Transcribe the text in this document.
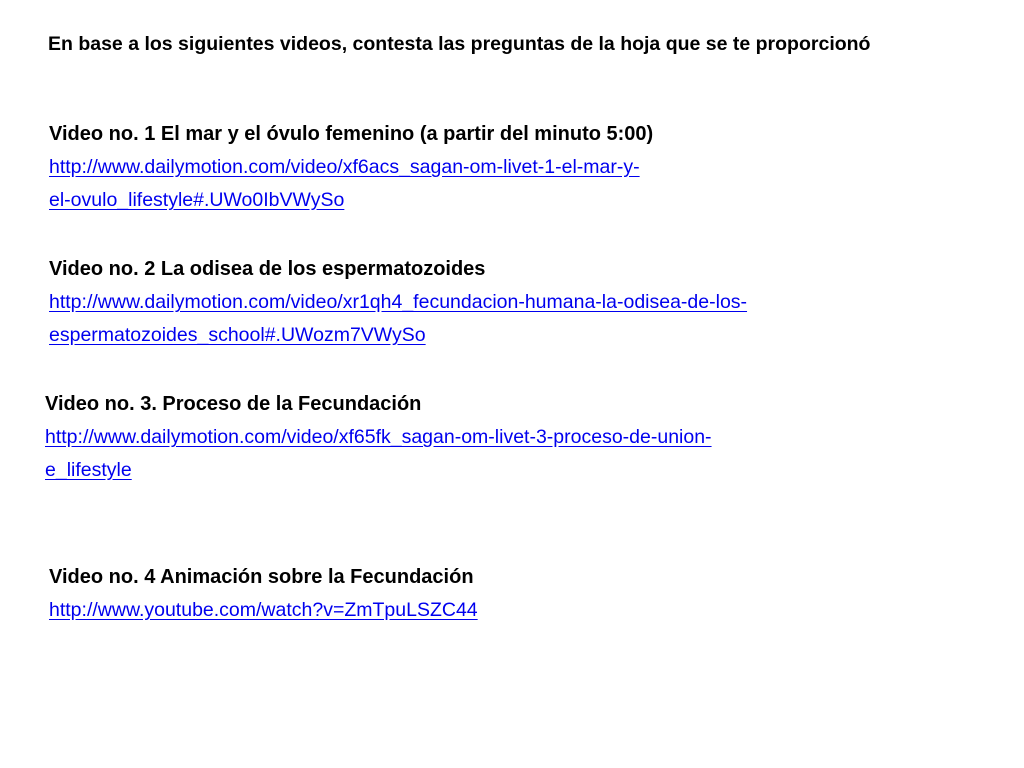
En base a los siguientes videos, contesta las preguntas de la hoja que se te proporcionó
Video no. 1 El mar y el óvulo femenino (a partir del minuto 5:00)
http://www.dailymotion.com/video/xf6acs_sagan-om-livet-1-el-mar-y-
el-ovulo_lifestyle#.UWo0IbVWySo
Video no. 2 La odisea de los espermatozoides
http://www.dailymotion.com/video/xr1qh4_fecundacion-humana-la-odisea-de-los-
espermatozoides_school#.UWozm7VWySo
Video no. 3. Proceso de la Fecundación
http://www.dailymotion.com/video/xf65fk_sagan-om-livet-3-proceso-de-union-
e_lifestyle
Video no. 4 Animación sobre la Fecundación
http://www.youtube.com/watch?v=ZmTpuLSZC44
